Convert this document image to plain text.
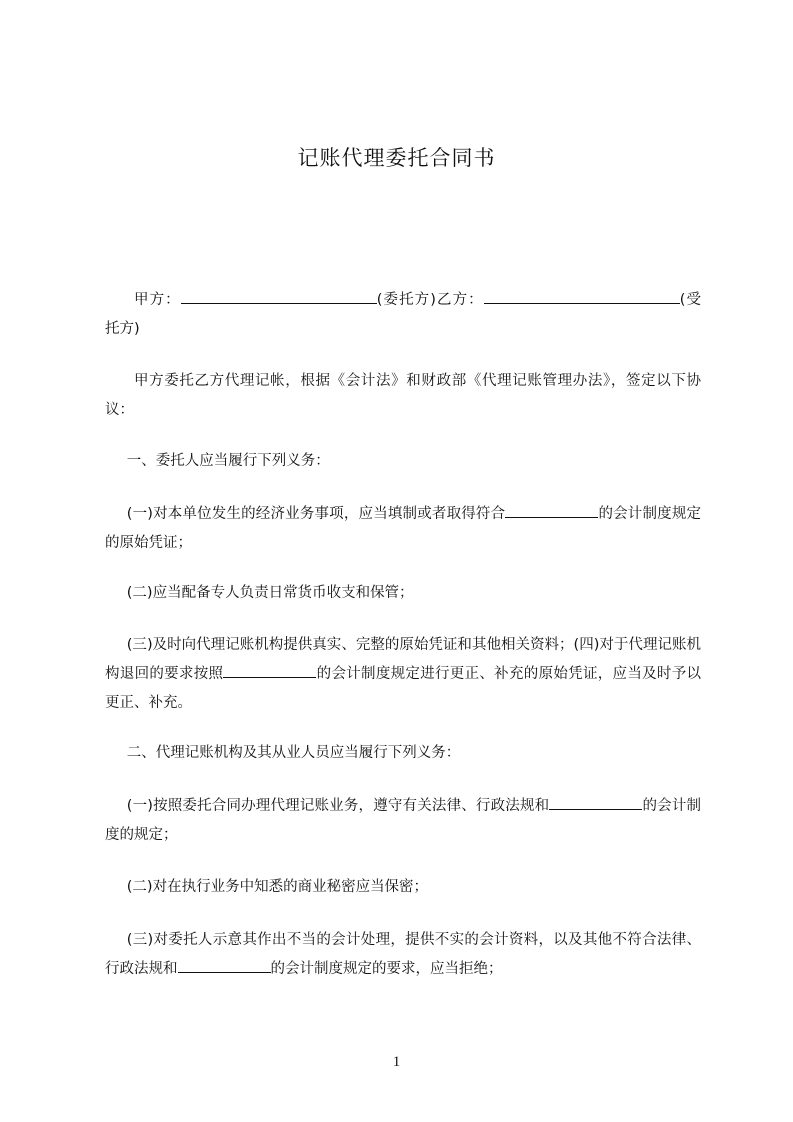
记账代理委托合同书
甲方：	(委托方)乙方：	(受托方)
甲方委托乙方代理记帐，根据《会计法》和财政部《代理记账管理办法》，签定以下协议：
一、委托人应当履行下列义务：
(一)对本单位发生的经济业务事项，应当填制或者取得符合	的会计制度规定的原始凭证；
(二)应当配备专人负责日常货币收支和保管；
(三)及时向代理记账机构提供真实、完整的原始凭证和其他相关资料；(四)对于代理记账机构退回的要求按照	的会计制度规定进行更正、补充的原始凭证，应当及时予以更正、补充。
二、代理记账机构及其从业人员应当履行下列义务：
(一)按照委托合同办理代理记账业务，遵守有关法律、行政法规和	的会计制度的规定；
(二)对在执行业务中知悉的商业秘密应当保密；
(三)对委托人示意其作出不当的会计处理，提供不实的会计资料，以及其他不符合法律、行政法规和	的会计制度规定的要求，应当拒绝；
1
